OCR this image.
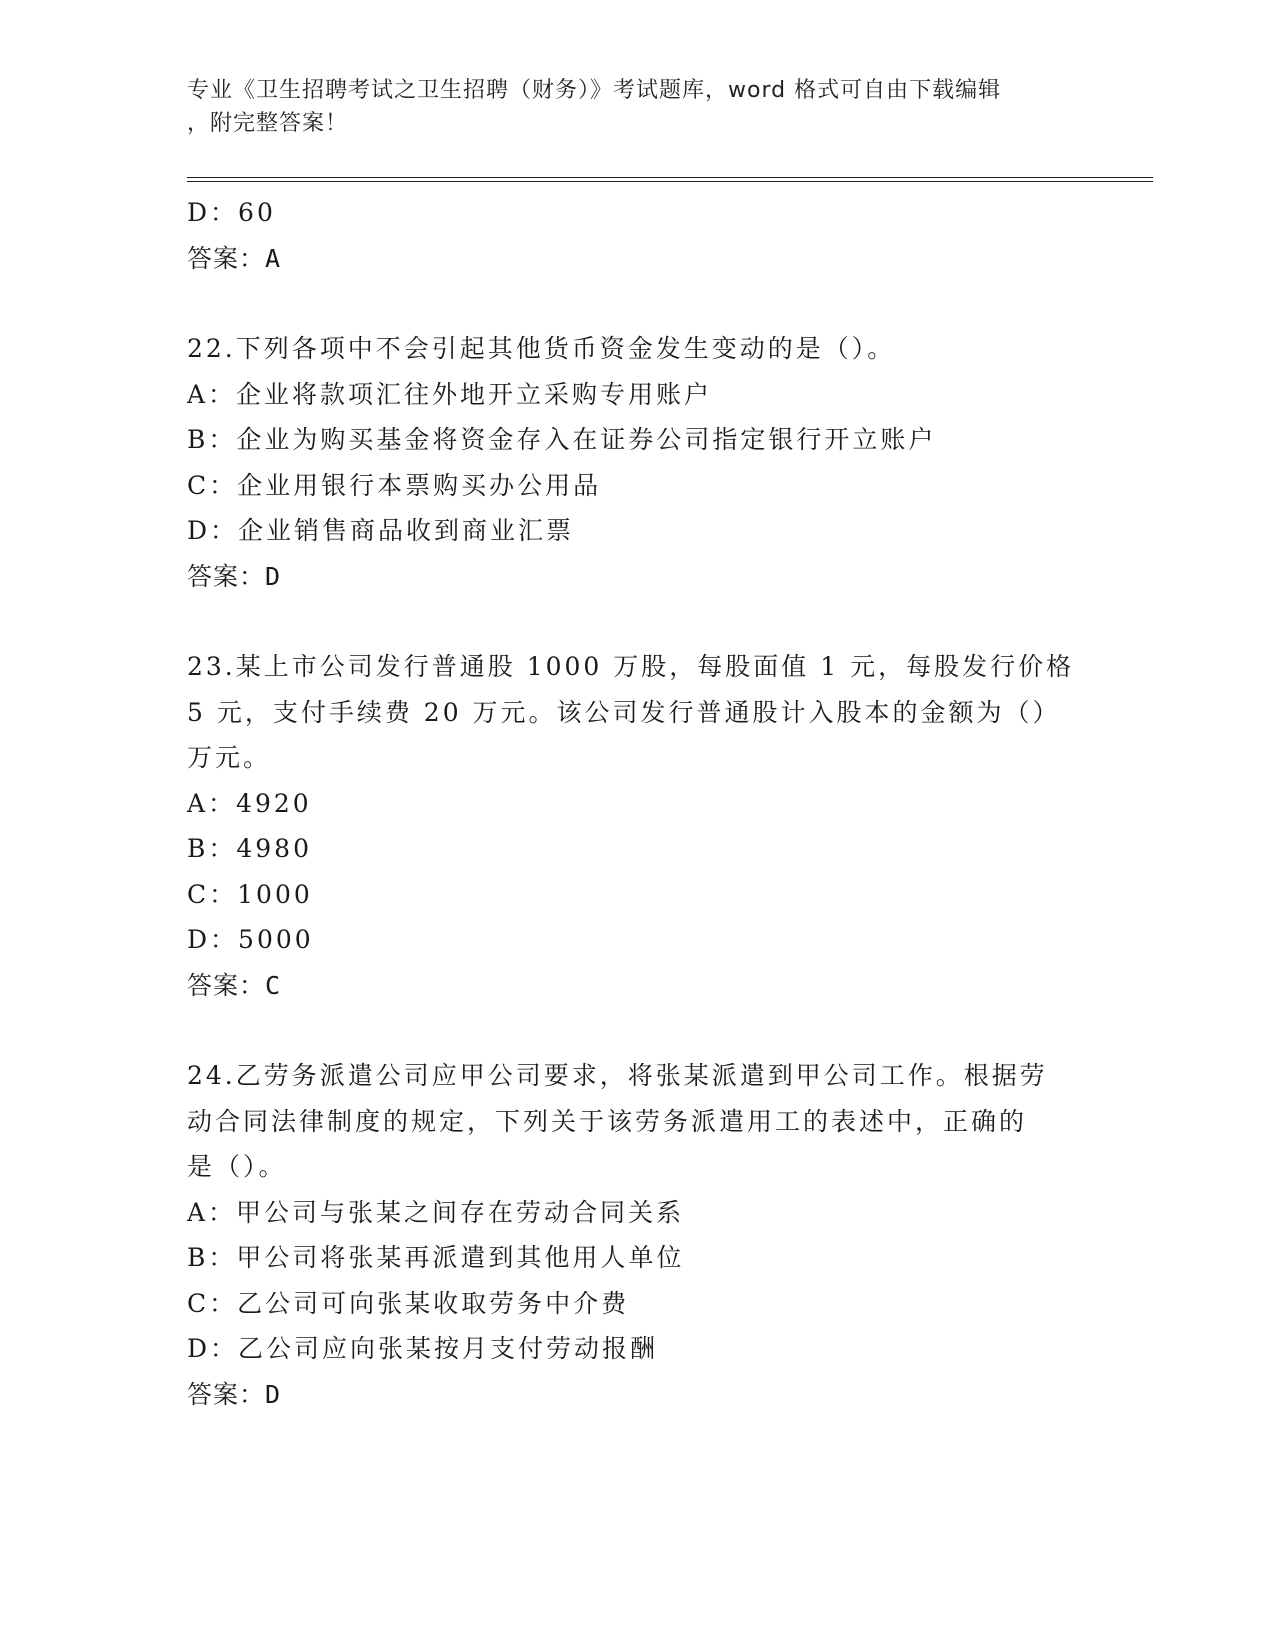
专业《卫生招聘考试之卫生招聘（财务）》考试题库，word 格式可自由下载编辑
，附完整答案！
D：60
答案：A
22.下列各项中不会引起其他货币资金发生变动的是（）。
A：企业将款项汇往外地开立采购专用账户
B：企业为购买基金将资金存入在证券公司指定银行开立账户
C：企业用银行本票购买办公用品
D：企业销售商品收到商业汇票
答案：D
23.某上市公司发行普通股 1000 万股，每股面值 1 元，每股发行价格
5 元，支付手续费 20 万元。该公司发行普通股计入股本的金额为（）
万元。
A：4920
B：4980
C：1000
D：5000
答案：C
24.乙劳务派遣公司应甲公司要求，将张某派遣到甲公司工作。根据劳
动合同法律制度的规定，下列关于该劳务派遣用工的表述中，正确的
是（）。
A：甲公司与张某之间存在劳动合同关系
B：甲公司将张某再派遣到其他用人单位
C：乙公司可向张某收取劳务中介费
D：乙公司应向张某按月支付劳动报酬
答案：D
